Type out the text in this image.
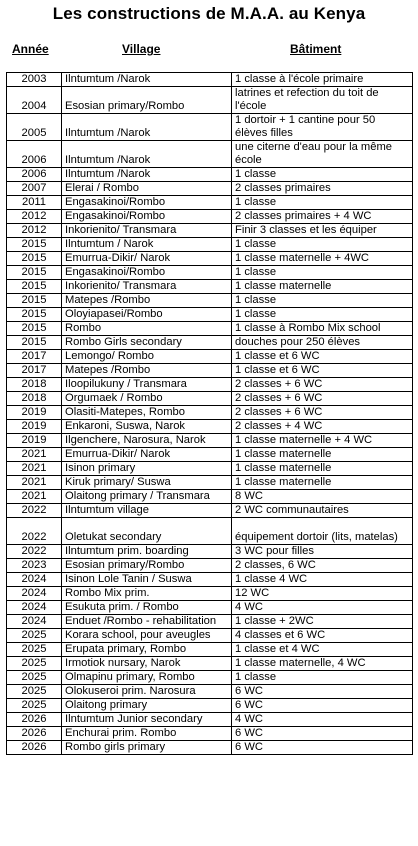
Les constructions de M.A.A. au Kenya
Année	Village	Bâtiment
2003	Ilntumtum /Narok	1 classe à l'école primaire
2004	Esosian primary/Rombo	latrines et refection du toit de l'école
2005	Ilntumtum /Narok	1 dortoir + 1 cantine pour 50 élèves filles
2006	Ilntumtum /Narok	une citerne d'eau pour la même école
2006	Ilntumtum /Narok	1 classe
2007	Elerai / Rombo	2 classes primaires
2011	Engasakinoi/Rombo	1 classe
2012	Engasakinoi/Rombo	2 classes primaires + 4 WC
2012	Inkorienito/ Transmara	Finir 3 classes et les équiper
2015	Ilntumtum / Narok	1 classe
2015	Emurrua-Dikir/ Narok	1 classe maternelle + 4WC
2015	Engasakinoi/Rombo	1 classe
2015	Inkorienito/ Transmara	1 classe maternelle
2015	Matepes /Rombo	1 classe
2015	Oloyiapasei/Rombo	1 classe
2015	Rombo	1 classe à Rombo Mix school
2015	Rombo Girls secondary	douches pour 250 élèves
2017	Lemongo/ Rombo	1 classe et 6 WC
2017	Matepes /Rombo	1 classe et 6 WC
2018	Iloopilukuny / Transmara	2 classes + 6 WC
2018	Orgumaek / Rombo	2 classes + 6 WC
2019	Olasiti-Matepes, Rombo	2 classes + 6 WC
2019	Enkaroni, Suswa, Narok	2 classes + 4 WC
2019	Ilgenchere, Narosura, Narok	1 classe maternelle + 4 WC
2021	Emurrua-Dikir/ Narok	1 classe maternelle
2021	Isinon primary	1 classe maternelle
2021	Kiruk primary/ Suswa	1 classe maternelle
2021	Olaitong primary / Transmara	8 WC
2022	Ilntumtum village	2 WC communautaires
2022	Oletukat secondary	équipement dortoir (lits, matelas)
2022	Ilntumtum prim. boarding	3 WC pour filles
2023	Esosian primary/Rombo	2 classes, 6 WC
2024	Isinon Lole Tanin / Suswa	1 classe 4 WC
2024	Rombo Mix prim.	12 WC
2024	Esukuta prim. / Rombo	4 WC
2024	Enduet /Rombo - rehabilitation	1 classe + 2WC
2025	Korara school, pour aveugles	4 classes et 6 WC
2025	Erupata primary, Rombo	1 classe et 4 WC
2025	Irmotiok nursary, Narok	1 classe maternelle, 4 WC
2025	Olmapinu primary, Rombo	1 classe
2025	Olokuseroi prim. Narosura	6 WC
2025	Olaitong primary	6 WC
2026	Ilntumtum Junior secondary	4 WC
2026	Enchurai prim. Rombo	6 WC
2026	Rombo girls primary	6 WC
